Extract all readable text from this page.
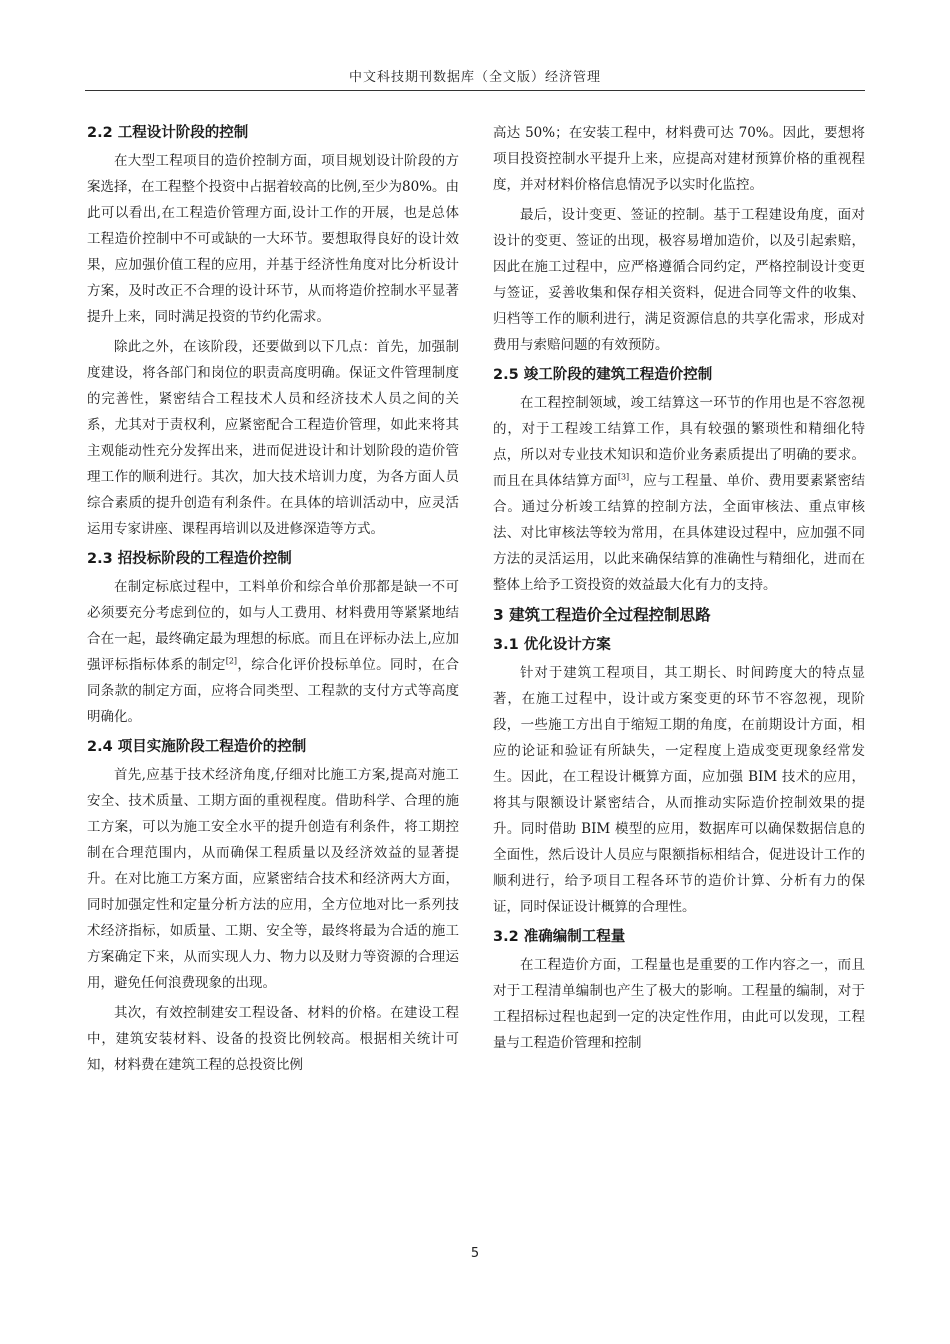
中文科技期刊数据库（全文版）经济管理
2.2 工程设计阶段的控制

在大型工程项目的造价控制方面，项目规划设计阶段的方案选择，在工程整个投资中占据着较高的比例,至少为80%。由此可以看出,在工程造价管理方面,设计工作的开展，也是总体工程造价控制中不可或缺的一大环节。要想取得良好的设计效果，应加强价值工程的应用，并基于经济性角度对比分析设计方案，及时改正不合理的设计环节，从而将造价控制水平显著提升上来，同时满足投资的节约化需求。

除此之外，在该阶段，还要做到以下几点：首先，加强制度建设，将各部门和岗位的职责高度明确。保证文件管理制度的完善性，紧密结合工程技术人员和经济技术人员之间的关系，尤其对于责权利，应紧密配合工程造价管理，如此来将其主观能动性充分发挥出来，进而促进设计和计划阶段的造价管理工作的顺利进行。其次，加大技术培训力度，为各方面人员综合素质的提升创造有利条件。在具体的培训活动中，应灵活运用专家讲座、课程再培训以及进修深造等方式。

2.3 招投标阶段的工程造价控制

在制定标底过程中，工料单价和综合单价那都是缺一不可必须要充分考虑到位的，如与人工费用、材料费用等紧紧地结合在一起，最终确定最为理想的标底。而且在评标办法上,应加强评标指标体系的制定[2]，综合化评价投标单位。同时，在合同条款的制定方面，应将合同类型、工程款的支付方式等高度明确化。

2.4 项目实施阶段工程造价的控制

首先,应基于技术经济角度,仔细对比施工方案,提高对施工安全、技术质量、工期方面的重视程度。借助科学、合理的施工方案，可以为施工安全水平的提升创造有利条件，将工期控制在合理范围内，从而确保工程质量以及经济效益的显著提升。在对比施工方案方面，应紧密结合技术和经济两大方面，同时加强定性和定量分析方法的应用，全方位地对比一系列技术经济指标，如质量、工期、安全等，最终将最为合适的施工方案确定下来，从而实现人力、物力以及财力等资源的合理运用，避免任何浪费现象的出现。

其次，有效控制建安工程设备、材料的价格。在建设工程中，建筑安装材料、设备的投资比例较高。根据相关统计可知，材料费在建筑工程的总投资比例

高达 50%；在安装工程中，材料费可达 70%。因此，要想将项目投资控制水平提升上来，应提高对建材预算价格的重视程度，并对材料价格信息情况予以实时化监控。

最后，设计变更、签证的控制。基于工程建设角度，面对设计的变更、签证的出现，极容易增加造价，以及引起索赔，因此在施工过程中，应严格遵循合同约定，严格控制设计变更与签证，妥善收集和保存相关资料，促进合同等文件的收集、归档等工作的顺利进行，满足资源信息的共享化需求，形成对费用与索赔问题的有效预防。

2.5 竣工阶段的建筑工程造价控制

在工程控制领域，竣工结算这一环节的作用也是不容忽视的，对于工程竣工结算工作，具有较强的繁琐性和精细化特点，所以对专业技术知识和造价业务素质提出了明确的要求。而且在具体结算方面[3]，应与工程量、单价、费用要素紧密结合。通过分析竣工结算的控制方法，全面审核法、重点审核法、对比审核法等较为常用，在具体建设过程中，应加强不同方法的灵活运用，以此来确保结算的准确性与精细化，进而在整体上给予工资投资的效益最大化有力的支持。

3 建筑工程造价全过程控制思路
3.1 优化设计方案

针对于建筑工程项目，其工期长、时间跨度大的特点显著，在施工过程中，设计或方案变更的环节不容忽视，现阶段，一些施工方出自于缩短工期的角度，在前期设计方面，相应的论证和验证有所缺失，一定程度上造成变更现象经常发生。因此，在工程设计概算方面，应加强 BIM 技术的应用，将其与限额设计紧密结合，从而推动实际造价控制效果的提升。同时借助 BIM 模型的应用，数据库可以确保数据信息的全面性，然后设计人员应与限额指标相结合，促进设计工作的顺利进行，给予项目工程各环节的造价计算、分析有力的保证，同时保证设计概算的合理性。

3.2 准确编制工程量

在工程造价方面，工程量也是重要的工作内容之一，而且对于工程清单编制也产生了极大的影响。工程量的编制，对于工程招标过程也起到一定的决定性作用，由此可以发现，工程量与工程造价管理和控制

5
